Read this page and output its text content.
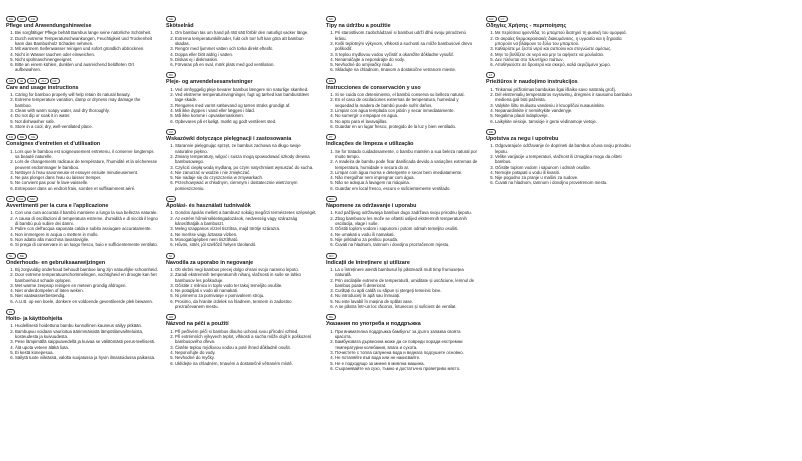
DE	AT	CH
Pflege und Anwendungshinweise
1. Bei sorgfältiger Pflege behält Bambus lange seine natürliche Schönheit.
2. Durch extreme Temperaturschwankungen, Feuchtigkeit und Trockenheit kann das Bambusholz Schaden nehmen.
3. Mit warmem Seifenwasser reinigen und sofort gründlich abtrocknen.
4. Nicht in Wasser tauchen oder einweichen.
5. Nicht spülmaschinengeeignet.
6. Bitte an einem kühlen, dunklen und ausreichend belüfteten Ort aufbewahren.
GB	IE	CA	AU	NZ
Care and usage instructions
1. Caring for bamboo properly will help retain its natural beauty.
2. Extreme temperature variation, damp or dryness may damage the bamboo.
3. Clean with warm soapy water, and dry thoroughly.
4. Do not dip or soak it in water.
5. Not dishwasher safe.
6. Store in a cool, dry, well-ventilated place.
FR	BE	CH
Consignes d'entretien et d'utilisation
1. Lors que le bambou est soigneusement entretenu, il conserve longtemps sa beauté naturelle.
2. Lors de changements radicaux de température, l'humidité et la sécheresse peuvent endommager le bambou.
3. Nettoyer à l'eau savonneuse et essuyer ensuite minutieusement.
4. Ne pas plonger dans l'eau ou laisser tremper.
5. Ne convient pas pour le lave-vaisselle.
6. Entreposer dans un endroit frais, sombre et suffisamment aéré.
IT	CH	SM
Avvertimenti per la cura e l'applicazione
1. Con una cura accurata il bambù mantiene a lungo la sua bellezza naturale.
2. A causa di oscillazioni di temperatura estreme, d'umidità e di siccità il legno di bambù può subire dei danni.
3. Pulire con dell'acqua saponata calda e subito asciugare accuratamente.
4. Non immergere in acqua o mettere in mollo.
5. Non adatto alla macchina lavastoviglie.
6. Si prega di conservare in un luogo fresco, buio e sufficientemente ventilato.
NL	BE
Onderhouds- en gebruiksaanwijzingen
1. Bij zorgvuldig onderhoud behoudt bamboe lang zijn natuurlijke schoonheid.
2. Door extreme temperatuurschommelingen, vochtigheid en droogte kan het bamboehout schade oplopen.
3. Met warme zeepsop reinigen en meteen grondig afdrogen.
4. Niet onderdompelen of laten weken.
5. Niet vaatwasserbestendig.
6. A.U.B. op een koele, donkere en voldoende geventileerde plek bewaren.
FI
Hoito- ja käyttöohjeita
1. Huolellisesti hoidettuna bambu kunnollinen kauneus säilyy pitkään.
2. Bambupuu voidaan vaurioitua äärimmäisistä lämpötilanvaihteluista, kosteudesta ja kuivuudesta.
3. Pese lämpimällä saippuavedellä ja kuivaa se välittömästi perus-teellisesti.
4. Älä upota veteen äläkä liota.
5. Ei kestä konepesua.
6. Säilytä tuote viileässä, valolta suojatussa ja hyvin ilmastoidussa paikassa.
SE
Skötselråd
1. Om bambun tas om hand på rätt sätt förblir den naturligt vacker länge.
2. Extrema temperaturskillnader, fukt och torr luft kan göra att bambun skadas.
3. Rengör med ljummet vatten och torka direkt efteråt.
4. Doppa eller blöt aldrig i vatten.
5. Diskas ej i diskmaskin.
6. Förvaras på en sval, mörk plats med god ventilation.
DK
Pleje- og anvendelsesanvisninger
1. Ved omhyggelig pleje bevarer bambus længere sin naturlige skønhed.
2. Ved ekstreme temperatursvingninger, fugt og tørhed kan bambustræet tage skade.
3. Rengøres med varmt sæbevand og tørres straks grundigt af.
4. Må ikke dyppes i vand eller lægges i blød.
5. Må ikke komme i opvaskemaskinen.
6. Opbevares på et køligt, mørkt og godt ventileret sted.
CZ
Wskazówki dotyczące pielęgnacji i zastosowania
1. Starannie pielęgnując sprzęt, ze bambus zachowa na długo swoje naturalne piękno.
2. Zmiany temperatury, wilgoć i susza mogą spowodować szkody drewna bambusowego.
3. Czyścić ciepłą wodą mydlaną, po czym natychmiast wysuszać do sucha.
4. Nie zanurzać w wodzie i nie zmiękczać.
5. Nie nadaje się do czyszczenia w zmywarkach.
6. Przechowywać w chłodnym, ciemnym i dostatecznie wietrzonym pomieszczeniu.
HU
Ápolási- és használati tudnivalók
1. Gondos ápolás mellett a bambusz sokáig megőrzi természetes szépségét.
2. Az extrém hőmérsékletingadozások, nedvesség vagy szárazság károsíthatják a bambuszt.
3. Meleg szappanos vízzel tisztítsa, majd törölje szárazra.
4. Ne merítse vagy áztassa vízben.
5. Mosogatógépben nem tisztítható.
6. Hűvös, sötét, jól szellőző helyen tárolandó.
SI
Navodila za uporabo in negovanje
1. Ob skrbni negi bambus precej dolgo ohrani svojo naravno lepoto.
2. Zaradi ekstremnih temperaturnih nihanj, vlažnosti in suše se lahko bambusov les poškoduje.
3. Očistite z milnico in toplo vodo ter takoj temeljito osušite.
4. Ne potapljati v vodo ali namakati.
5. Ni primerno za pomivanje v pomivalnem stroju.
6. Prosimo, da hranite izdelek na hladnem, temnem in zadostno prezračevanem mestu.
HR
Názvod na péči a použití
1. Při pečlivém péči si bambus dlouho uchová svou přírodní vzhled.
2. Při extrémních výkyvech teplot, vlhkosti a sucha může dojít k poškození bambusového dřeva.
3. Čistěte teplou mýdlovou vodou a poté ihned důkladně osušit.
4. Neponořujte do vody.
5. Nevhodné do myčky.
6. Uklídejte na chladném, tmavém a dostatečně větraném místě.
SK
Tipy na údržbu a použitie
1. Pri starostlivom zaobchádzaní si bambus udrží dlhú svoju prirodzenú krásu.
2. Kvôli teplotným výkyvom, vlhkosti a suchosti sa môže bambusové drevo poškodiť.
3. S teplou mydlovou vodou vyčistiť a okamžite dôkladne vysušiť.
4. Nenamáčajte a neponárajte do vody.
5. Nevhodné do umývačky riadu.
6. Skladujte na chladnom, tmavom a dostatočne vetranom mieste.
ES
Instrucciones de conservación y uso
1. Si se cuida con detenimiento, el bambú conserva su belleza natural.
2. En el caso de oscilaciones extremas de temperatura, humedad y sequedad la madera de bambú puede sufrir daños.
3. Limpiar con agua templada con jabón y secar inmediatamente.
4. No sumergir o empapar en agua.
5. No apto para el lavavajillas.
6. Guardar en un lugar fresco, protegido de la luz y bien ventilado.
PT
Indicações de limpeza e utilização
1. Se for tratado cuidadosamente, o bambu mantém a sua beleza natural por muito tempo.
2. A madeira de bambu pode ficar danificada devido a variações extremas de temperatura, humidade e secura do ar.
3. Limpar com água morna e detergente e secar bem imediatamente.
4. Não mergulhar nem impregnar com água.
5. Não se adequa à lavagem na máquina.
6. Guardar em local fresco, escuro e suficientemente ventilado.
RO
Napomene za održavanje i uporabu
1. Kod pažljivog održavanja bambus dugo zadržava svoju prirodnu ljepotu.
2. Zbog bambusov les može se oštetiti uslijed ekstremnih temperaturnih oscilacija, vlage i suše.
3. Očistiti toplom vodom i sapunom i potom odmah temeljito osušiti.
4. Ne umakati u vodu ili namakati.
5. Nije prikladno za perilicu posuđa.
6. Čuvati na hladnom, tamnom i dovoljno prozračenom mjestu.
RO
Indicații de întreținere și utilizare
1. La o întreținere atentă bambusul își păstrează mult timp frumusețea naturală.
2. Prin oscilațiile extreme de temperatură, umiditate și uscăciune, lemnul de bambus poate fi deteriorat.
3. Curățați cu apă caldă cu săpun și ștergeți temeinic bine.
4. Nu introduceți în apă sau înmuiați.
5. Nu este lavabil în mașina de spălat vase.
6. A se păstra într-un loc răcoros, întunecos și suficient de ventilat.
BG
Указания по употреба и поддръжка
1. При внимателна поддръжка бамбукът за дълго запазва своята красота.
2. Бамбуковата дървесина може да се повреди поради екстремни температурни колебания, влага и сухота.
3. Почистете с топла сапунена вода и веднага подсушете основно.
4. Не потапяйте във вода или не накисвайте.
5. Не е подходящо за миене в миялна машина.
6. Съхранявайте на сухо, тъмно и достатъчно проветриво място.
GR	CY
Οδηγίες Χρήσης - περιποίησης
1. Με περίσσεια φροντίδα, το μπαμπού διατηρεί τη φυσική του ομορφιά.
2. Οι ακραίες θερμοκρασιακές διακυμάνσεις, η υγρασία και η ξηρασία μπορούν να βλάψουν το ξύλο του μπαμπού.
3. Καθαρίστε με ζεστό νερό και σαπούνι και στεγνώστε αμέσως.
4. Μην το βυθίζετε σε νερό και μην το αφήνετε να μουλιάσει.
5. Δεν πλένεται στο πλυντήριο πιάτων.
6. Αποθηκεύστε σε δροσερό και σκιερό, καλά αεριζόμενο χώρο.
LT
Priežiūros ir naudojimo instrukcijos
1. Tinkamai prižiūrimas bambukas ilgai išlaiko savo natūralų grožį.
2. Dėl ekstremalių temperatūros svyravimų, drėgmės ir sausumo bambuko mediena gali būti pažeista.
3. Valykite šiltu muiluotu vandeniu ir kruopščiai nusausinkite.
4. Nepanardinkite ir nemirkykite vandenyje.
5. Negalima plauti indaplovėje.
6. Laikykite vėsioje, tamsioje ir gerai vėdinamoje vietoje.
EE
Upotstva za negu i upotrebu
1. Odgovarajuće održavanje će doprineti da bambus očuva svoju prirodnu lepotu.
2. Velike varijacije u temperaturi, vlažnost ili izmaglica mogu da ošteti bambus.
3. Očistite toplom vodom i sapunom i odmah osušite.
4. Nemojte potapati u vodu ili kvasiti.
5. Nije pogodno za pranje u mašini za sudove.
6. Čuvati na hladnom, tamnom i dovoljno provetrenom mestu.
